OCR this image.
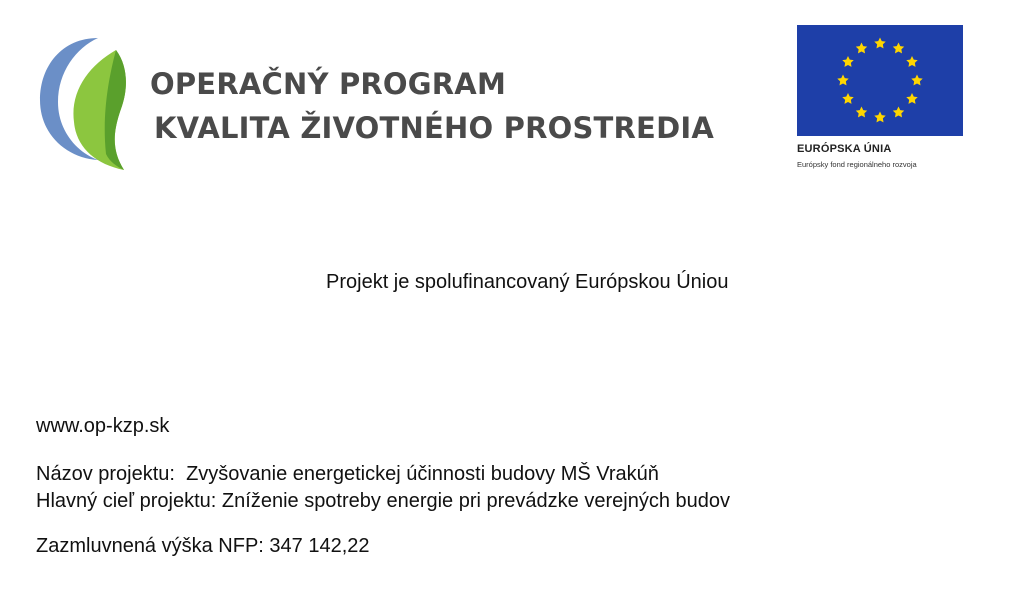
OPERAČNÝ PROGRAM
KVALITA ŽIVOTNÉHO PROSTREDIA
EURÓPSKA ÚNIA
Európsky fond regionálneho rozvoja
Projekt je spolufinancovaný Európskou Úniou
www.op-kzp.sk
Názov projektu: Zvyšovanie energetickej účinnosti budovy MŠ Vrakúň
Hlavný cieľ projektu: Zníženie spotreby energie pri prevádzke verejných budov
Zazmluvnená výška NFP: 347 142,22
